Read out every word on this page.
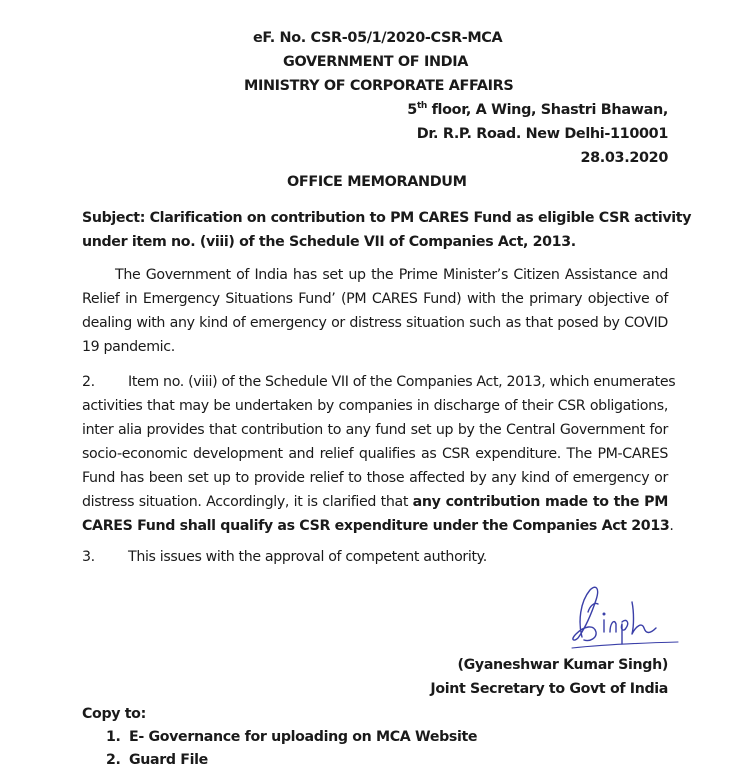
eF. No. CSR-05/1/2020-CSR-MCA
GOVERNMENT OF INDIA
MINISTRY OF CORPORATE AFFAIRS
5th floor, A Wing, Shastri Bhawan,
Dr. R.P. Road. New Delhi-110001
28.03.2020
OFFICE MEMORANDUM
Subject: Clarification on contribution to PM CARES Fund as eligible CSR activity
under item no. (viii) of the Schedule VII of Companies Act, 2013.
The Government of India has set up the Prime Minister’s Citizen Assistance and
Relief in Emergency Situations Fund’ (PM CARES Fund) with the primary objective of
dealing with any kind of emergency or distress situation such as that posed by COVID
19 pandemic.
2. Item no. (viii) of the Schedule VII of the Companies Act, 2013, which enumerates
activities that may be undertaken by companies in discharge of their CSR obligations,
inter alia provides that contribution to any fund set up by the Central Government for
socio-economic development and relief qualifies as CSR expenditure. The PM-CARES
Fund has been set up to provide relief to those affected by any kind of emergency or
distress situation. Accordingly, it is clarified that any contribution made to the PM
CARES Fund shall qualify as CSR expenditure under the Companies Act 2013.
3. This issues with the approval of competent authority.
(Gyaneshwar Kumar Singh)
Joint Secretary to Govt of India
Copy to:
1. E- Governance for uploading on MCA Website
2. Guard File
